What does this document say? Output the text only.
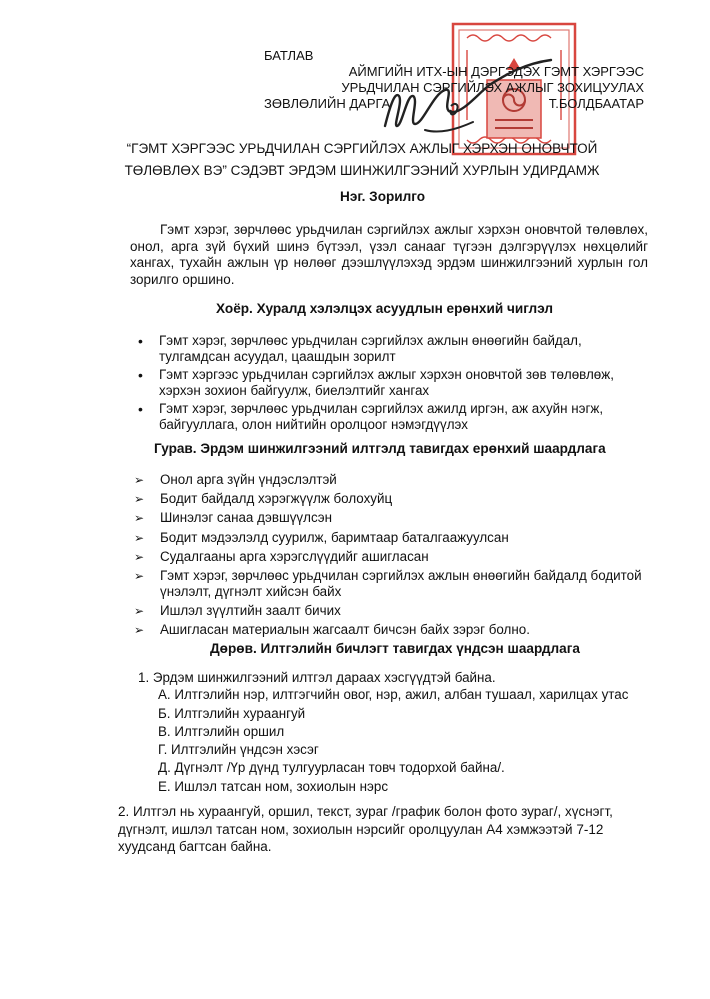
БАТЛАВ
АЙМГИЙН ИТХ-ЫН ДЭРГЭДЭХ ГЭМТ ХЭРГЭЭС
УРЬДЧИЛАН СЭРГИЙЛЭХ АЖЛЫГ ЗОХИЦУУЛАХ
ЗӨВЛӨЛИЙН ДАРГА	Т.БОЛДБААТАР
“ГЭМТ ХЭРГЭЭС УРЬДЧИЛАН СЭРГИЙЛЭХ АЖЛЫГ ХЭРХЭН ОНОВЧТОЙ
ТӨЛӨВЛӨХ ВЭ” СЭДЭВТ ЭРДЭМ ШИНЖИЛГЭЭНИЙ ХУРЛЫН УДИРДАМЖ
Нэг. Зорилго
Гэмт хэрэг, зөрчлөөс урьдчилан сэргийлэх ажлыг хэрхэн оновчтой төлөвлөх, онол, арга зүй бүхий шинэ бүтээл, үзэл санааг түгээн дэлгэрүүлэх нөхцөлийг хангах, тухайн ажлын үр нөлөөг дээшлүүлэхэд эрдэм шинжилгээний хурлын гол зорилго оршино.
Хоёр. Хуралд хэлэлцэх асуудлын ерөнхий чиглэл
• Гэмт хэрэг, зөрчлөөс урьдчилан сэргийлэх ажлын өнөөгийн байдал, тулгамдсан асуудал, цаашдын зорилт
• Гэмт хэргээс урьдчилан сэргийлэх ажлыг хэрхэн оновчтой зөв төлөвлөж, хэрхэн зохион байгуулж, биелэлтийг хангах
• Гэмт хэрэг, зөрчлөөс урьдчилан сэргийлэх ажилд иргэн, аж ахуйн нэгж, байгууллага, олон нийтийн оролцоог нэмэгдүүлэх
Гурав. Эрдэм шинжилгээний илтгэлд тавигдах ерөнхий шаардлага
➢ Онол арга зүйн үндэслэлтэй
➢ Бодит байдалд хэрэгжүүлж болохуйц
➢ Шинэлэг санаа дэвшүүлсэн
➢ Бодит мэдээлэлд суурилж, баримтаар баталгаажуулсан
➢ Судалгааны арга хэрэгслүүдийг ашигласан
➢ Гэмт хэрэг, зөрчлөөс урьдчилан сэргийлэх ажлын өнөөгийн байдалд бодитой үнэлэлт, дүгнэлт хийсэн байх
➢ Ишлэл зүүлтийн заалт бичих
➢ Ашигласан материалын жагсаалт бичсэн байх зэрэг болно.
Дөрөв. Илтгэлийн бичлэгт тавигдах үндсэн шаардлага
1. Эрдэм шинжилгээний илтгэл дараах хэсгүүдтэй байна.
А. Илтгэлийн нэр, илтгэгчийн овог, нэр, ажил, албан тушаал, харилцах утас
Б. Илтгэлийн хураангуй
В. Илтгэлийн оршил
Г. Илтгэлийн үндсэн хэсэг
Д. Дүгнэлт /Үр дүнд тулгуурласан товч тодорхой байна/.
Е. Ишлэл татсан ном, зохиолын нэрс
2. Илтгэл нь хураангуй, оршил, текст, зураг /график болон фото зураг/, хүснэгт, дүгнэлт, ишлэл татсан ном, зохиолын нэрсийг оролцуулан А4 хэмжээтэй 7-12 хуудсанд багтсан байна.
